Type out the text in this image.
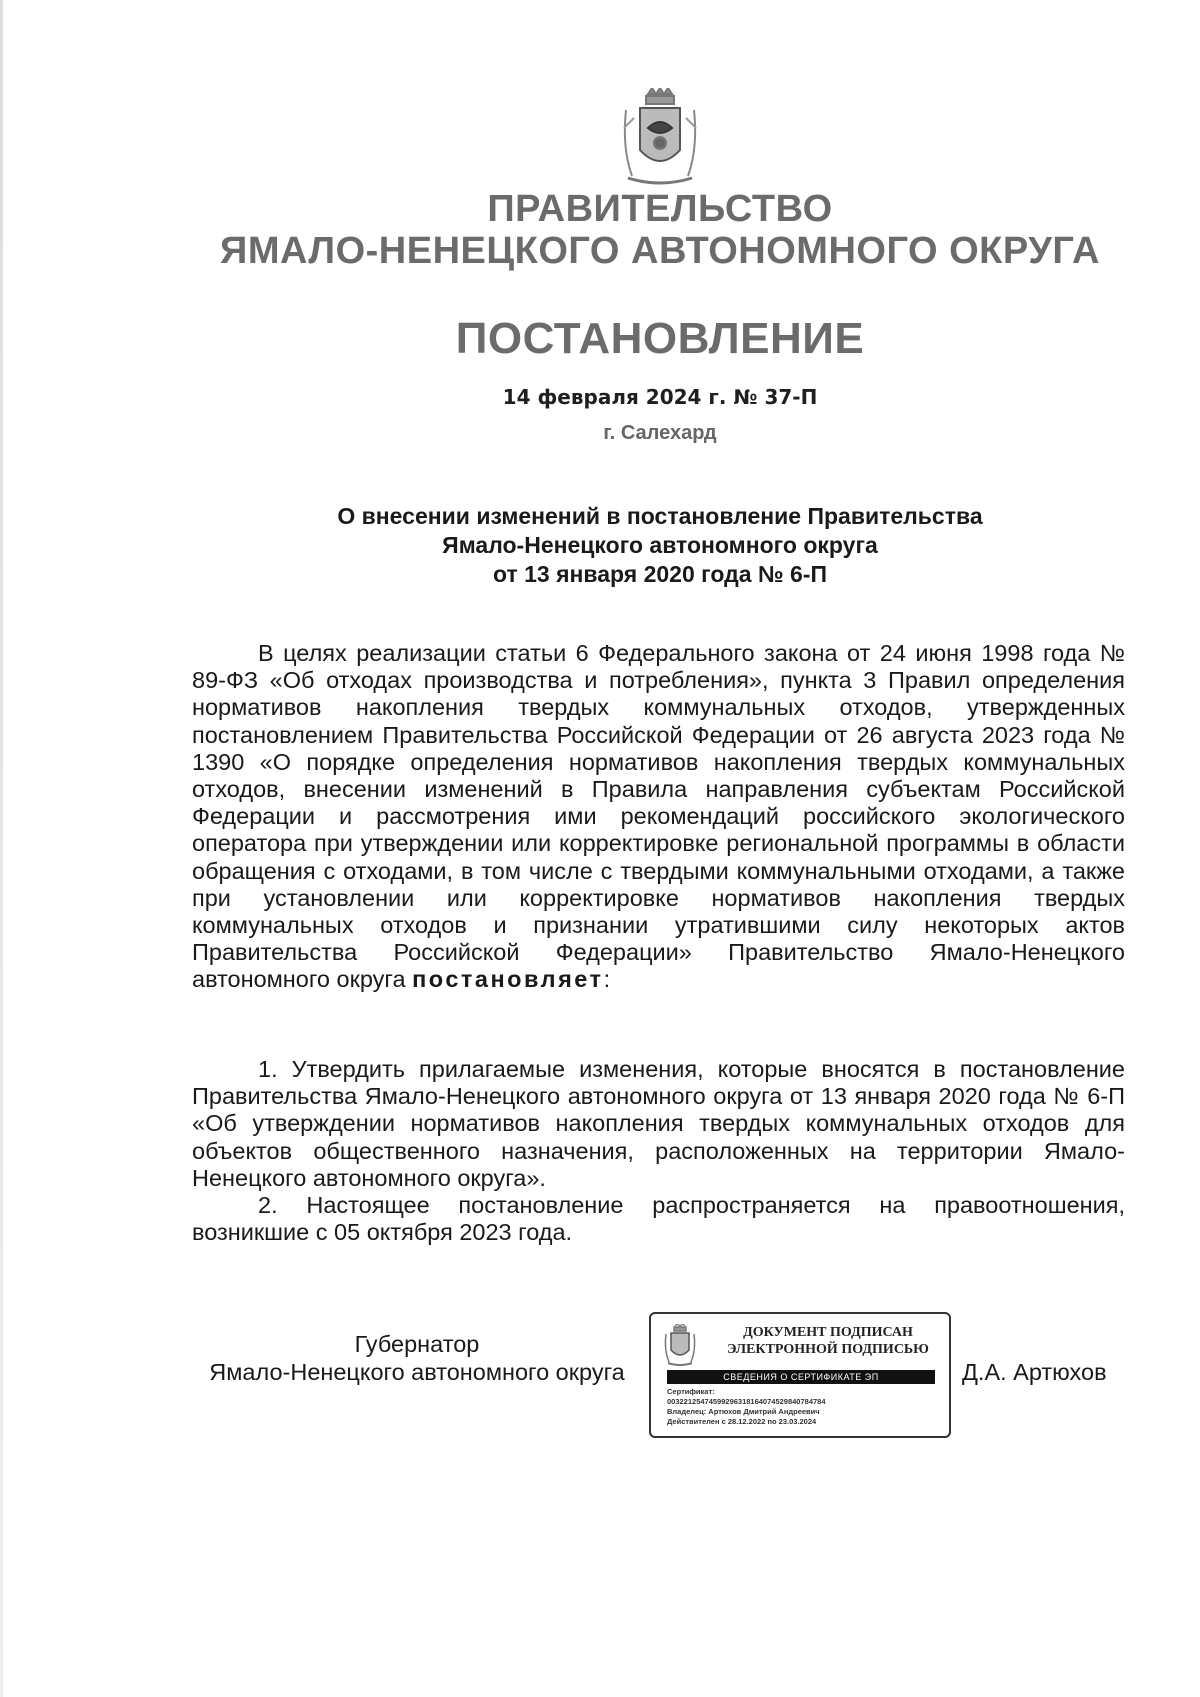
ПРАВИТЕЛЬСТВО
ЯМАЛО-НЕНЕЦКОГО АВТОНОМНОГО ОКРУГА
ПОСТАНОВЛЕНИЕ
14 февраля 2024 г. № 37-П
г. Салехард
О внесении изменений в постановление Правительства
Ямало-Ненецкого автономного округа
от 13 января 2020 года № 6-П

В целях реализации статьи 6 Федерального закона от 24 июня 1998 года № 89-ФЗ «Об отходах производства и потребления», пункта 3 Правил определения нормативов накопления твердых коммунальных отходов, утвержденных постановлением Правительства Российской Федерации от 26 августа 2023 года № 1390 «О порядке определения нормативов накопления твердых коммунальных отходов, внесении изменений в Правила направления субъектам Российской Федерации и рассмотрения ими рекомендаций российского экологического оператора при утверждении или корректировке региональной программы в области обращения с отходами, в том числе с твердыми коммунальными отходами, а также при установлении или корректировке нормативов накопления твердых коммунальных отходов и признании утратившими силу некоторых актов Правительства Российской Федерации» Правительство Ямало-Ненецкого автономного округа постановляет:

1. Утвердить прилагаемые изменения, которые вносятся в постановление Правительства Ямало-Ненецкого автономного округа от 13 января 2020 года № 6-П «Об утверждении нормативов накопления твердых коммунальных отходов для объектов общественного назначения, расположенных на территории Ямало-Ненецкого автономного округа».

2. Настоящее постановление распространяется на правоотношения, возникшие с 05 октября 2023 года.

Губернатор
Ямало-Ненецкого автономного округа
ДОКУМЕНТ ПОДПИСАН
ЭЛЕКТРОННОЙ ПОДПИСЬЮ
СВЕДЕНИЯ О СЕРТИФИКАТЕ ЭП
Сертификат:
00322125474599296318164074529840784784
Владелец: Артюхов Дмитрий Андреевич
Действителен с 28.12.2022 по 23.03.2024
Д.А. Артюхов
